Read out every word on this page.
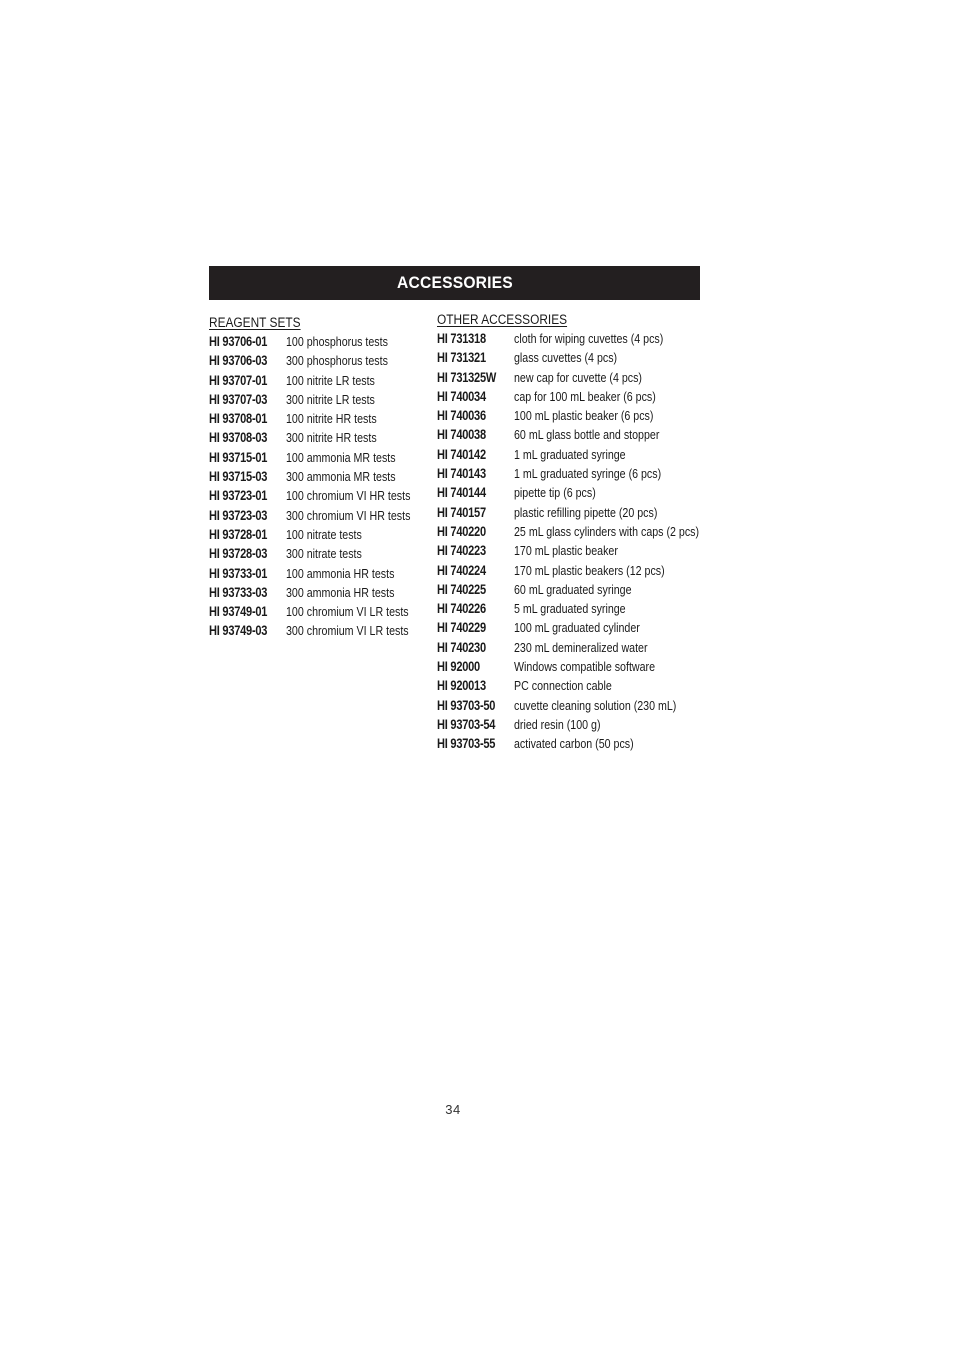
ACCESSORIES
REAGENT SETS
HI 93706-01	100 phosphorus tests
HI 93706-03	300 phosphorus tests
HI 93707-01	100 nitrite LR tests
HI 93707-03	300 nitrite LR tests
HI 93708-01	100 nitrite HR tests
HI 93708-03	300 nitrite HR tests
HI 93715-01	100 ammonia MR tests
HI 93715-03	300 ammonia MR tests
HI 93723-01	100 chromium VI HR tests
HI 93723-03	300 chromium VI HR tests
HI 93728-01	100 nitrate tests
HI 93728-03	300 nitrate tests
HI 93733-01	100 ammonia HR tests
HI 93733-03	300 ammonia HR tests
HI 93749-01	100 chromium VI LR tests
HI 93749-03	300 chromium VI LR tests
OTHER ACCESSORIES
HI 731318	cloth for wiping cuvettes (4 pcs)
HI 731321	glass cuvettes (4 pcs)
HI 731325W	new cap for cuvette (4 pcs)
HI 740034	cap for 100 mL beaker (6 pcs)
HI 740036	100 mL plastic beaker (6 pcs)
HI 740038	60 mL glass bottle and stopper
HI 740142	1 mL graduated syringe
HI 740143	1 mL graduated syringe (6 pcs)
HI 740144	pipette tip (6 pcs)
HI 740157	plastic refilling pipette (20 pcs)
HI 740220	25 mL glass cylinders with caps (2 pcs)
HI 740223	170 mL plastic beaker
HI 740224	170 mL plastic beakers (12 pcs)
HI 740225	60 mL graduated syringe
HI 740226	5 mL graduated syringe
HI 740229	100 mL graduated cylinder
HI 740230	230 mL demineralized water
HI 92000	Windows compatible software
HI 920013	PC connection cable
HI 93703-50	cuvette cleaning solution (230 mL)
HI 93703-54	dried resin (100 g)
HI 93703-55	activated carbon (50 pcs)
34
